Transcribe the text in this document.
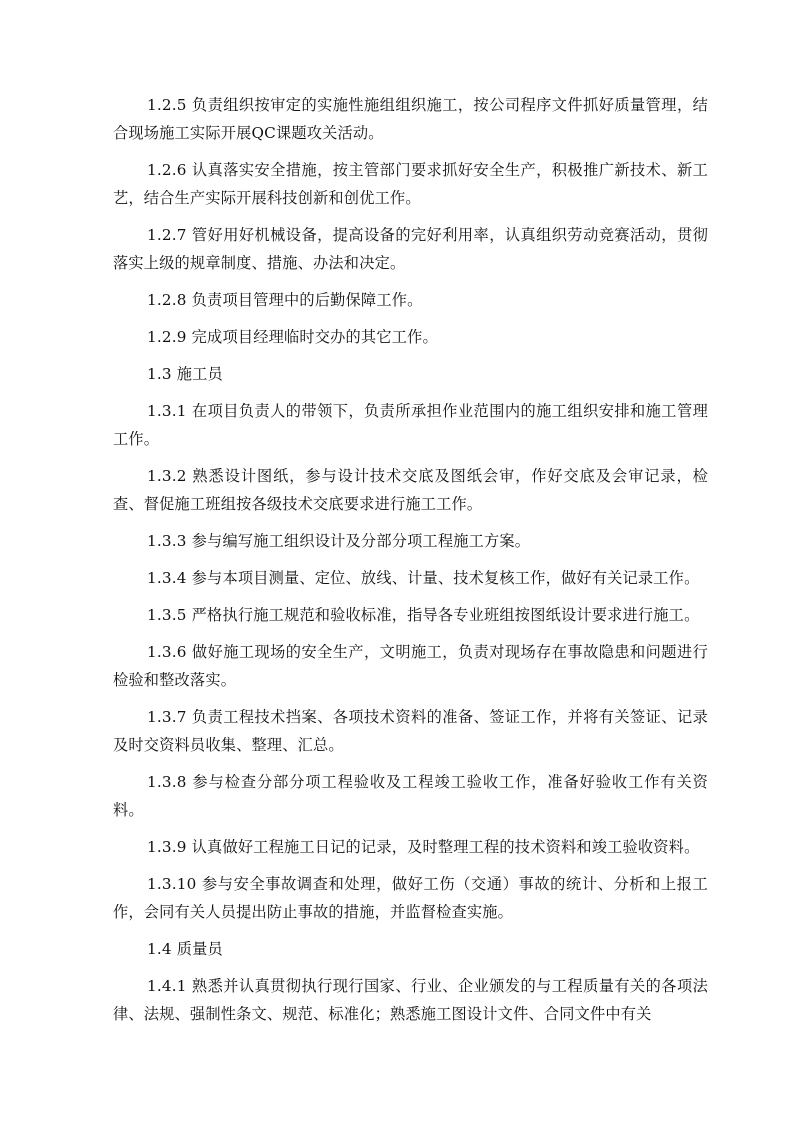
1.2.5 负责组织按审定的实施性施组组织施工，按公司程序文件抓好质量管理，结合现场施工实际开展QC课题攻关活动。

1.2.6 认真落实安全措施，按主管部门要求抓好安全生产，积极推广新技术、新工艺，结合生产实际开展科技创新和创优工作。

1.2.7 管好用好机械设备，提高设备的完好利用率，认真组织劳动竞赛活动，贯彻落实上级的规章制度、措施、办法和决定。

1.2.8 负责项目管理中的后勤保障工作。

1.2.9 完成项目经理临时交办的其它工作。

1.3 施工员

1.3.1 在项目负责人的带领下，负责所承担作业范围内的施工组织安排和施工管理工作。

1.3.2 熟悉设计图纸，参与设计技术交底及图纸会审，作好交底及会审记录，检查、督促施工班组按各级技术交底要求进行施工工作。

1.3.3 参与编写施工组织设计及分部分项工程施工方案。

1.3.4 参与本项目测量、定位、放线、计量、技术复核工作，做好有关记录工作。

1.3.5 严格执行施工规范和验收标准，指导各专业班组按图纸设计要求进行施工。

1.3.6 做好施工现场的安全生产，文明施工，负责对现场存在事故隐患和问题进行检验和整改落实。

1.3.7 负责工程技术挡案、各项技术资料的准备、签证工作，并将有关签证、记录及时交资料员收集、整理、汇总。

1.3.8 参与检查分部分项工程验收及工程竣工验收工作，准备好验收工作有关资料。

1.3.9 认真做好工程施工日记的记录，及时整理工程的技术资料和竣工验收资料。

1.3.10 参与安全事故调查和处理，做好工伤（交通）事故的统计、分析和上报工作，会同有关人员提出防止事故的措施，并监督检查实施。

1.4 质量员

1.4.1 熟悉并认真贯彻执行现行国家、行业、企业颁发的与工程质量有关的各项法律、法规、强制性条文、规范、标准化；熟悉施工图设计文件、合同文件中有关
